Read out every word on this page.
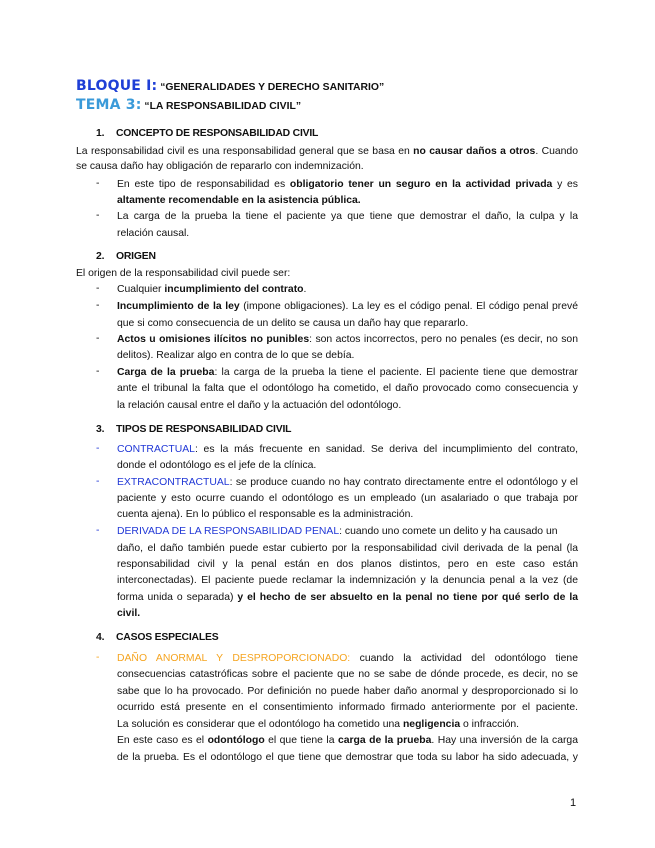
BLOQUE I: “GENERALIDADES Y DERECHO SANITARIO”
TEMA 3: “LA RESPONSABILIDAD CIVIL”
1. CONCEPTO DE RESPONSABILIDAD CIVIL
La responsabilidad civil es una responsabilidad general que se basa en no causar daños a otros. Cuando
se causa daño hay obligación de repararlo con indemnización.
- En este tipo de responsabilidad es obligatorio tener un seguro en la actividad privada y es
altamente recomendable en la asistencia pública.
- La carga de la prueba la tiene el paciente ya que tiene que demostrar el daño, la culpa y la
relación causal.
2. ORIGEN
El origen de la responsabilidad civil puede ser:
- Cualquier incumplimiento del contrato.
- Incumplimiento de la ley (impone obligaciones). La ley es el código penal. El código penal prevé
que si como consecuencia de un delito se causa un daño hay que repararlo.
- Actos u omisiones ilícitos no punibles: son actos incorrectos, pero no penales (es decir, no son
delitos). Realizar algo en contra de lo que se debía.
- Carga de la prueba: la carga de la prueba la tiene el paciente. El paciente tiene que demostrar
ante el tribunal la falta que el odontólogo ha cometido, el daño provocado como consecuencia y
la relación causal entre el daño y la actuación del odontólogo.
3. TIPOS DE RESPONSABILIDAD CIVIL
- CONTRACTUAL: es la más frecuente en sanidad. Se deriva del incumplimiento del contrato,
donde el odontólogo es el jefe de la clínica.
- EXTRACONTRACTUAL: se produce cuando no hay contrato directamente entre el odontólogo y el
paciente y esto ocurre cuando el odontólogo es un empleado (un asalariado o que trabaja por
cuenta ajena). En lo público el responsable es la administración.
- DERIVADA DE LA RESPONSABILIDAD PENAL: cuando uno comete un delito y ha causado un
daño, el daño también puede estar cubierto por la responsabilidad civil derivada de la penal (la
responsabilidad civil y la penal están en dos planos distintos, pero en este caso están
interconectadas). El paciente puede reclamar la indemnización y la denuncia penal a la vez (de
forma unida o separada) y el hecho de ser absuelto en la penal no tiene por qué serlo de la
civil.
4. CASOS ESPECIALES
- DAÑO ANORMAL Y DESPROPORCIONADO: cuando la actividad del odontólogo tiene
consecuencias catastróficas sobre el paciente que no se sabe de dónde procede, es decir, no se
sabe que lo ha provocado. Por definición no puede haber daño anormal y desproporcionado si lo
ocurrido está presente en el consentimiento informado firmado anteriormente por el paciente.
La solución es considerar que el odontólogo ha cometido una negligencia o infracción.
En este caso es el odontólogo el que tiene la carga de la prueba. Hay una inversión de la carga
de la prueba. Es el odontólogo el que tiene que demostrar que toda su labor ha sido adecuada, y
1
